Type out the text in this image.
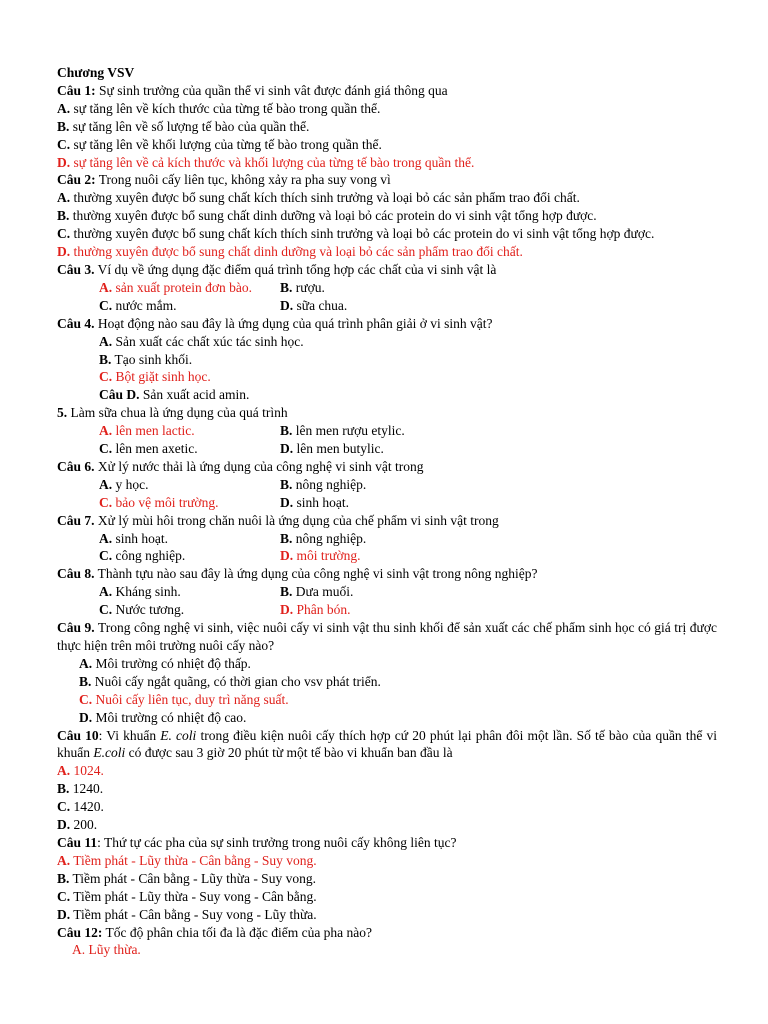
Chương VSV
Câu 1: Sự sinh trưởng của quần thể vi sinh vât được đánh giá thông qua
A. sự tăng lên về kích thước của từng tế bào trong quần thể.
B. sự tăng lên về số lượng tế bào của quần thể.
C. sự tăng lên về khối lượng của từng tế bào trong quần thể.
D. sự tăng lên về cả kích thước và khối lượng của từng tế bào trong quần thể.
Câu 2: Trong nuôi cấy liên tục, không xảy ra pha suy vong vì
A. thường xuyên được bổ sung chất kích thích sinh trưởng và loại bỏ các sản phẩm trao đổi chất.
B. thường xuyên được bổ sung chất dinh dưỡng và loại bỏ các protein do vi sinh vật tổng hợp được.
C. thường xuyên được bổ sung chất kích thích sinh trưởng và loại bỏ các protein do vi sinh vật tổng hợp được.
D. thường xuyên được bổ sung chất dinh dưỡng và loại bỏ các sản phẩm trao đổi chất.
Câu 3. Ví dụ về ứng dụng đặc điểm quá trình tổng hợp các chất của vi sinh vật là
A. sản xuất protein đơn bào.	B. rượu.
C. nước mắm.	D. sữa chua.
Câu 4. Hoạt động nào sau đây là ứng dụng của quá trình phân giải ở vi sinh vật?
A. Sản xuất các chất xúc tác sinh học.
B. Tạo sinh khối.
C. Bột giặt sinh học.
Câu D. Sản xuất acid amin.
5. Làm sữa chua là ứng dụng của quá trình
A. lên men lactic.	B. lên men rượu etylic.
C. lên men axetic.	D. lên men butylic.
Câu 6. Xử lý nước thải là ứng dụng của công nghệ vi sinh vật trong
A. y học.	B. nông nghiệp.
C. bảo vệ môi trường.	D. sinh hoạt.
Câu 7. Xử lý mùi hôi trong chăn nuôi là ứng dụng của chế phẩm vi sinh vật trong
A. sinh hoạt.	B. nông nghiệp.
C. công nghiệp.	D. môi trường.
Câu 8. Thành tựu nào sau đây là ứng dụng của công nghệ vi sinh vật trong nông nghiệp?
A. Kháng sinh.	B. Dưa muối.
C. Nước tương.	D. Phân bón.
Câu 9. Trong công nghệ vi sinh, việc nuôi cấy vi sinh vật thu sinh khối để sản xuất các chế phẩm sinh học có giá trị được thực hiện trên môi trường nuôi cấy nào?
A. Môi trường có nhiệt độ thấp.
B. Nuôi cấy ngắt quãng, có thời gian cho vsv phát triển.
C. Nuôi cấy liên tục, duy trì năng suất.
D. Môi trường có nhiệt độ cao.
Câu 10: Vi khuẩn E. coli trong điều kiện nuôi cấy thích hợp cứ 20 phút lại phân đôi một lần. Số tế bào của quần thể vi khuẩn E.coli có được sau 3 giờ 20 phút từ một tế bào vi khuẩn ban đầu là
A. 1024.
B. 1240.
C. 1420.
D. 200.
Câu 11: Thứ tự các pha của sự sinh trưởng trong nuôi cấy không liên tục?
A. Tiềm phát - Lũy thừa - Cân bằng - Suy vong.
B. Tiềm phát - Cân bằng - Lũy thừa - Suy vong.
C. Tiềm phát - Lũy thừa - Suy vong - Cân bằng.
D. Tiềm phát - Cân bằng - Suy vong - Lũy thừa.
Câu 12: Tốc độ phân chia tối đa là đặc điểm của pha nào?
A. Lũy thừa.
